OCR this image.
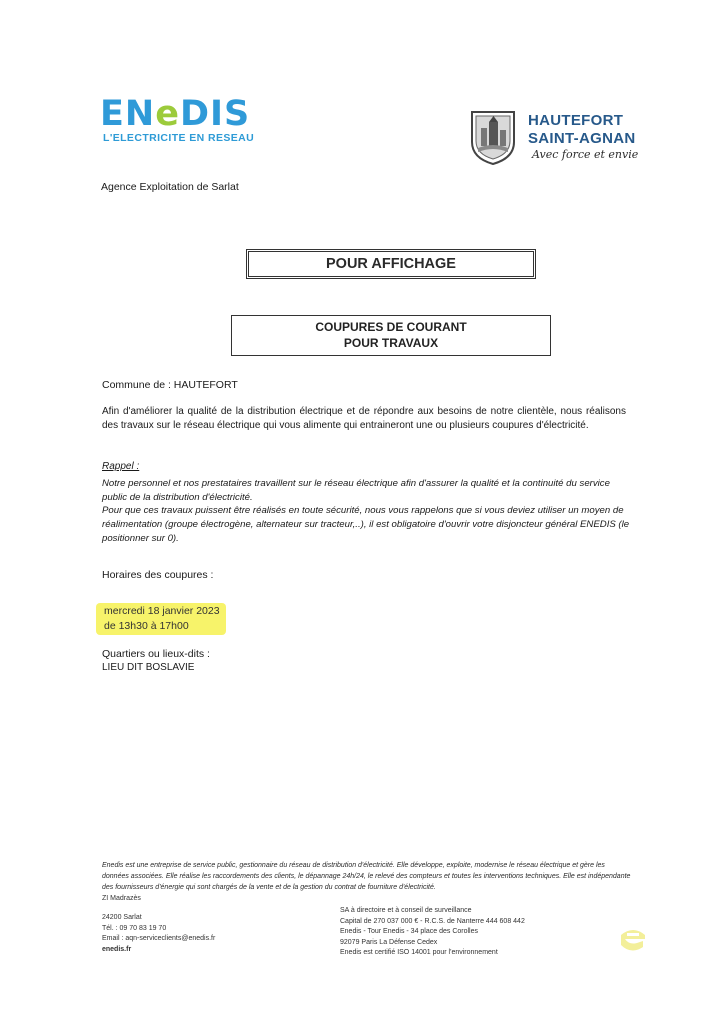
ENeDIS
L'ELECTRICITE EN RESEAU
HAUTEFORT
SAINT-AGNAN
Avec force et envie
Agence Exploitation de Sarlat
POUR AFFICHAGE
COUPURES DE COURANT
POUR TRAVAUX
Commune de : HAUTEFORT
Afin d'améliorer la qualité de la distribution électrique et de répondre aux besoins de notre clientèle, nous réalisons des travaux sur le réseau électrique qui vous alimente qui entraineront une ou plusieurs coupures d'électricité.
Rappel :
Notre personnel et nos prestataires travaillent sur le réseau électrique afin d'assurer la qualité et la continuité du service public de la distribution d'électricité.
Pour que ces travaux puissent être réalisés en toute sécurité, nous vous rappelons que si vous deviez utiliser un moyen de réalimentation (groupe électrogène, alternateur sur tracteur,..), il est obligatoire d'ouvrir votre disjoncteur général ENEDIS (le positionner sur 0).
Horaires des coupures :
mercredi 18 janvier 2023
de 13h30 à 17h00
Quartiers ou lieux-dits :
LIEU DIT BOSLAVIE
Enedis est une entreprise de service public, gestionnaire du réseau de distribution d'électricité. Elle développe, exploite, modernise le réseau électrique et gère les données associées. Elle réalise les raccordements des clients, le dépannage 24h/24, le relevé des compteurs et toutes les interventions techniques. Elle est indépendante des fournisseurs d'énergie qui sont chargés de la vente et de la gestion du contrat de fourniture d'électricité.
ZI Madrazès
24200 Sarlat
Tél. : 09 70 83 19 70
Email : aqn-serviceclients@enedis.fr
enedis.fr
SA à directoire et à conseil de surveillance
Capital de 270 037 000 € - R.C.S. de Nanterre 444 608 442
Enedis - Tour Enedis - 34 place des Corolles
92079 Paris La Défense Cedex
Enedis est certifié ISO 14001 pour l'environnement
